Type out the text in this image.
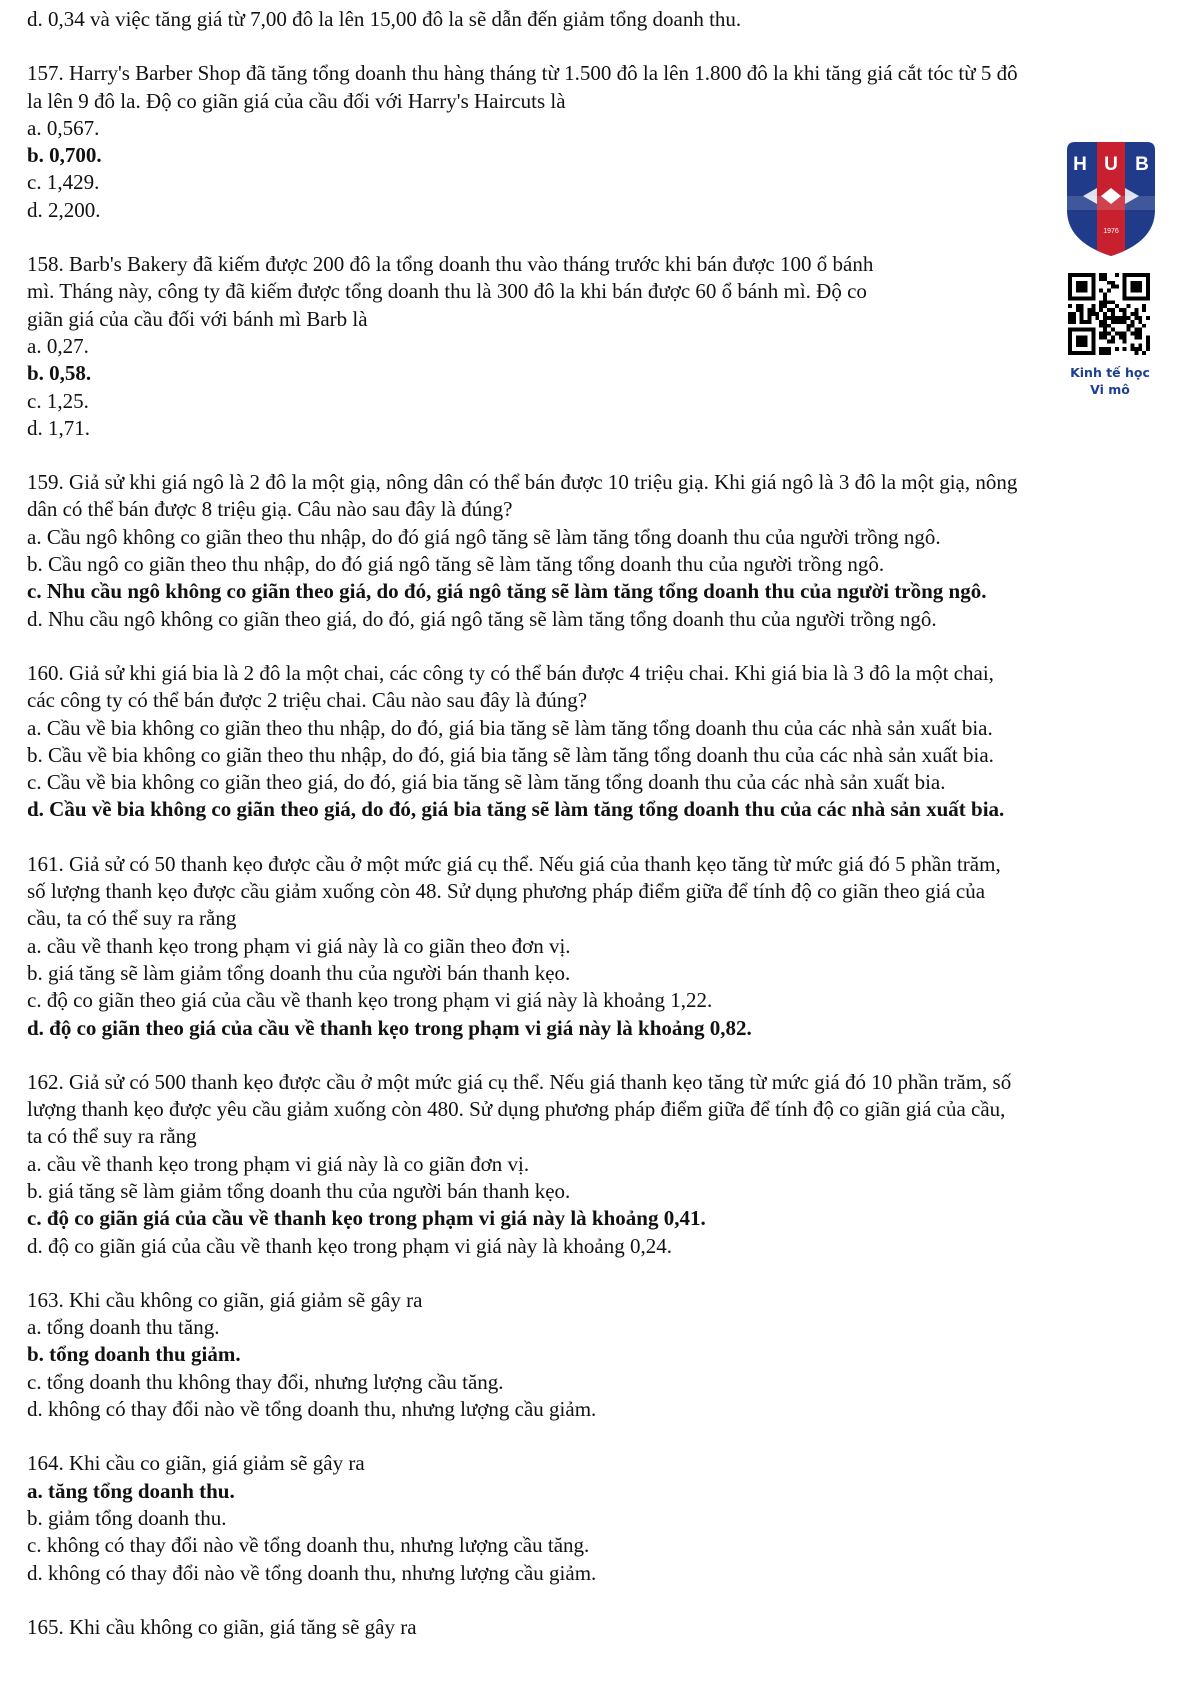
d. 0,34 và việc tăng giá từ 7,00 đô la lên 15,00 đô la sẽ dẫn đến giảm tổng doanh thu.
157. Harry's Barber Shop đã tăng tổng doanh thu hàng tháng từ 1.500 đô la lên 1.800 đô la khi tăng giá cắt tóc từ 5 đô
la lên 9 đô la. Độ co giãn giá của cầu đối với Harry's Haircuts là
a. 0,567.
b. 0,700.
c. 1,429.
d. 2,200.
158. Barb's Bakery đã kiếm được 200 đô la tổng doanh thu vào tháng trước khi bán được 100 ổ bánh
mì. Tháng này, công ty đã kiếm được tổng doanh thu là 300 đô la khi bán được 60 ổ bánh mì. Độ co
giãn giá của cầu đối với bánh mì Barb là
a. 0,27.
b. 0,58.
c. 1,25.
d. 1,71.
159. Giả sử khi giá ngô là 2 đô la một giạ, nông dân có thể bán được 10 triệu giạ. Khi giá ngô là 3 đô la một giạ, nông
dân có thể bán được 8 triệu giạ. Câu nào sau đây là đúng?
a. Cầu ngô không co giãn theo thu nhập, do đó giá ngô tăng sẽ làm tăng tổng doanh thu của người trồng ngô.
b. Cầu ngô co giãn theo thu nhập, do đó giá ngô tăng sẽ làm tăng tổng doanh thu của người trồng ngô.
c. Nhu cầu ngô không co giãn theo giá, do đó, giá ngô tăng sẽ làm tăng tổng doanh thu của người trồng ngô.
d. Nhu cầu ngô không co giãn theo giá, do đó, giá ngô tăng sẽ làm tăng tổng doanh thu của người trồng ngô.
160. Giả sử khi giá bia là 2 đô la một chai, các công ty có thể bán được 4 triệu chai. Khi giá bia là 3 đô la một chai,
các công ty có thể bán được 2 triệu chai. Câu nào sau đây là đúng?
a. Cầu về bia không co giãn theo thu nhập, do đó, giá bia tăng sẽ làm tăng tổng doanh thu của các nhà sản xuất bia.
b. Cầu về bia không co giãn theo thu nhập, do đó, giá bia tăng sẽ làm tăng tổng doanh thu của các nhà sản xuất bia.
c. Cầu về bia không co giãn theo giá, do đó, giá bia tăng sẽ làm tăng tổng doanh thu của các nhà sản xuất bia.
d. Cầu về bia không co giãn theo giá, do đó, giá bia tăng sẽ làm tăng tổng doanh thu của các nhà sản xuất bia.
161. Giả sử có 50 thanh kẹo được cầu ở một mức giá cụ thể. Nếu giá của thanh kẹo tăng từ mức giá đó 5 phần trăm,
số lượng thanh kẹo được cầu giảm xuống còn 48. Sử dụng phương pháp điểm giữa để tính độ co giãn theo giá của
cầu, ta có thể suy ra rằng
a. cầu về thanh kẹo trong phạm vi giá này là co giãn theo đơn vị.
b. giá tăng sẽ làm giảm tổng doanh thu của người bán thanh kẹo.
c. độ co giãn theo giá của cầu về thanh kẹo trong phạm vi giá này là khoảng 1,22.
d. độ co giãn theo giá của cầu về thanh kẹo trong phạm vi giá này là khoảng 0,82.
162. Giả sử có 500 thanh kẹo được cầu ở một mức giá cụ thể. Nếu giá thanh kẹo tăng từ mức giá đó 10 phần trăm, số
lượng thanh kẹo được yêu cầu giảm xuống còn 480. Sử dụng phương pháp điểm giữa để tính độ co giãn giá của cầu,
ta có thể suy ra rằng
a. cầu về thanh kẹo trong phạm vi giá này là co giãn đơn vị.
b. giá tăng sẽ làm giảm tổng doanh thu của người bán thanh kẹo.
c. độ co giãn giá của cầu về thanh kẹo trong phạm vi giá này là khoảng 0,41.
d. độ co giãn giá của cầu về thanh kẹo trong phạm vi giá này là khoảng 0,24.
163. Khi cầu không co giãn, giá giảm sẽ gây ra
a. tổng doanh thu tăng.
b. tổng doanh thu giảm.
c. tổng doanh thu không thay đổi, nhưng lượng cầu tăng.
d. không có thay đổi nào về tổng doanh thu, nhưng lượng cầu giảm.
164. Khi cầu co giãn, giá giảm sẽ gây ra
a. tăng tổng doanh thu.
b. giảm tổng doanh thu.
c. không có thay đổi nào về tổng doanh thu, nhưng lượng cầu tăng.
d. không có thay đổi nào về tổng doanh thu, nhưng lượng cầu giảm.
165. Khi cầu không co giãn, giá tăng sẽ gây ra
H U B
1976
Kinh tế học
Vi mô
